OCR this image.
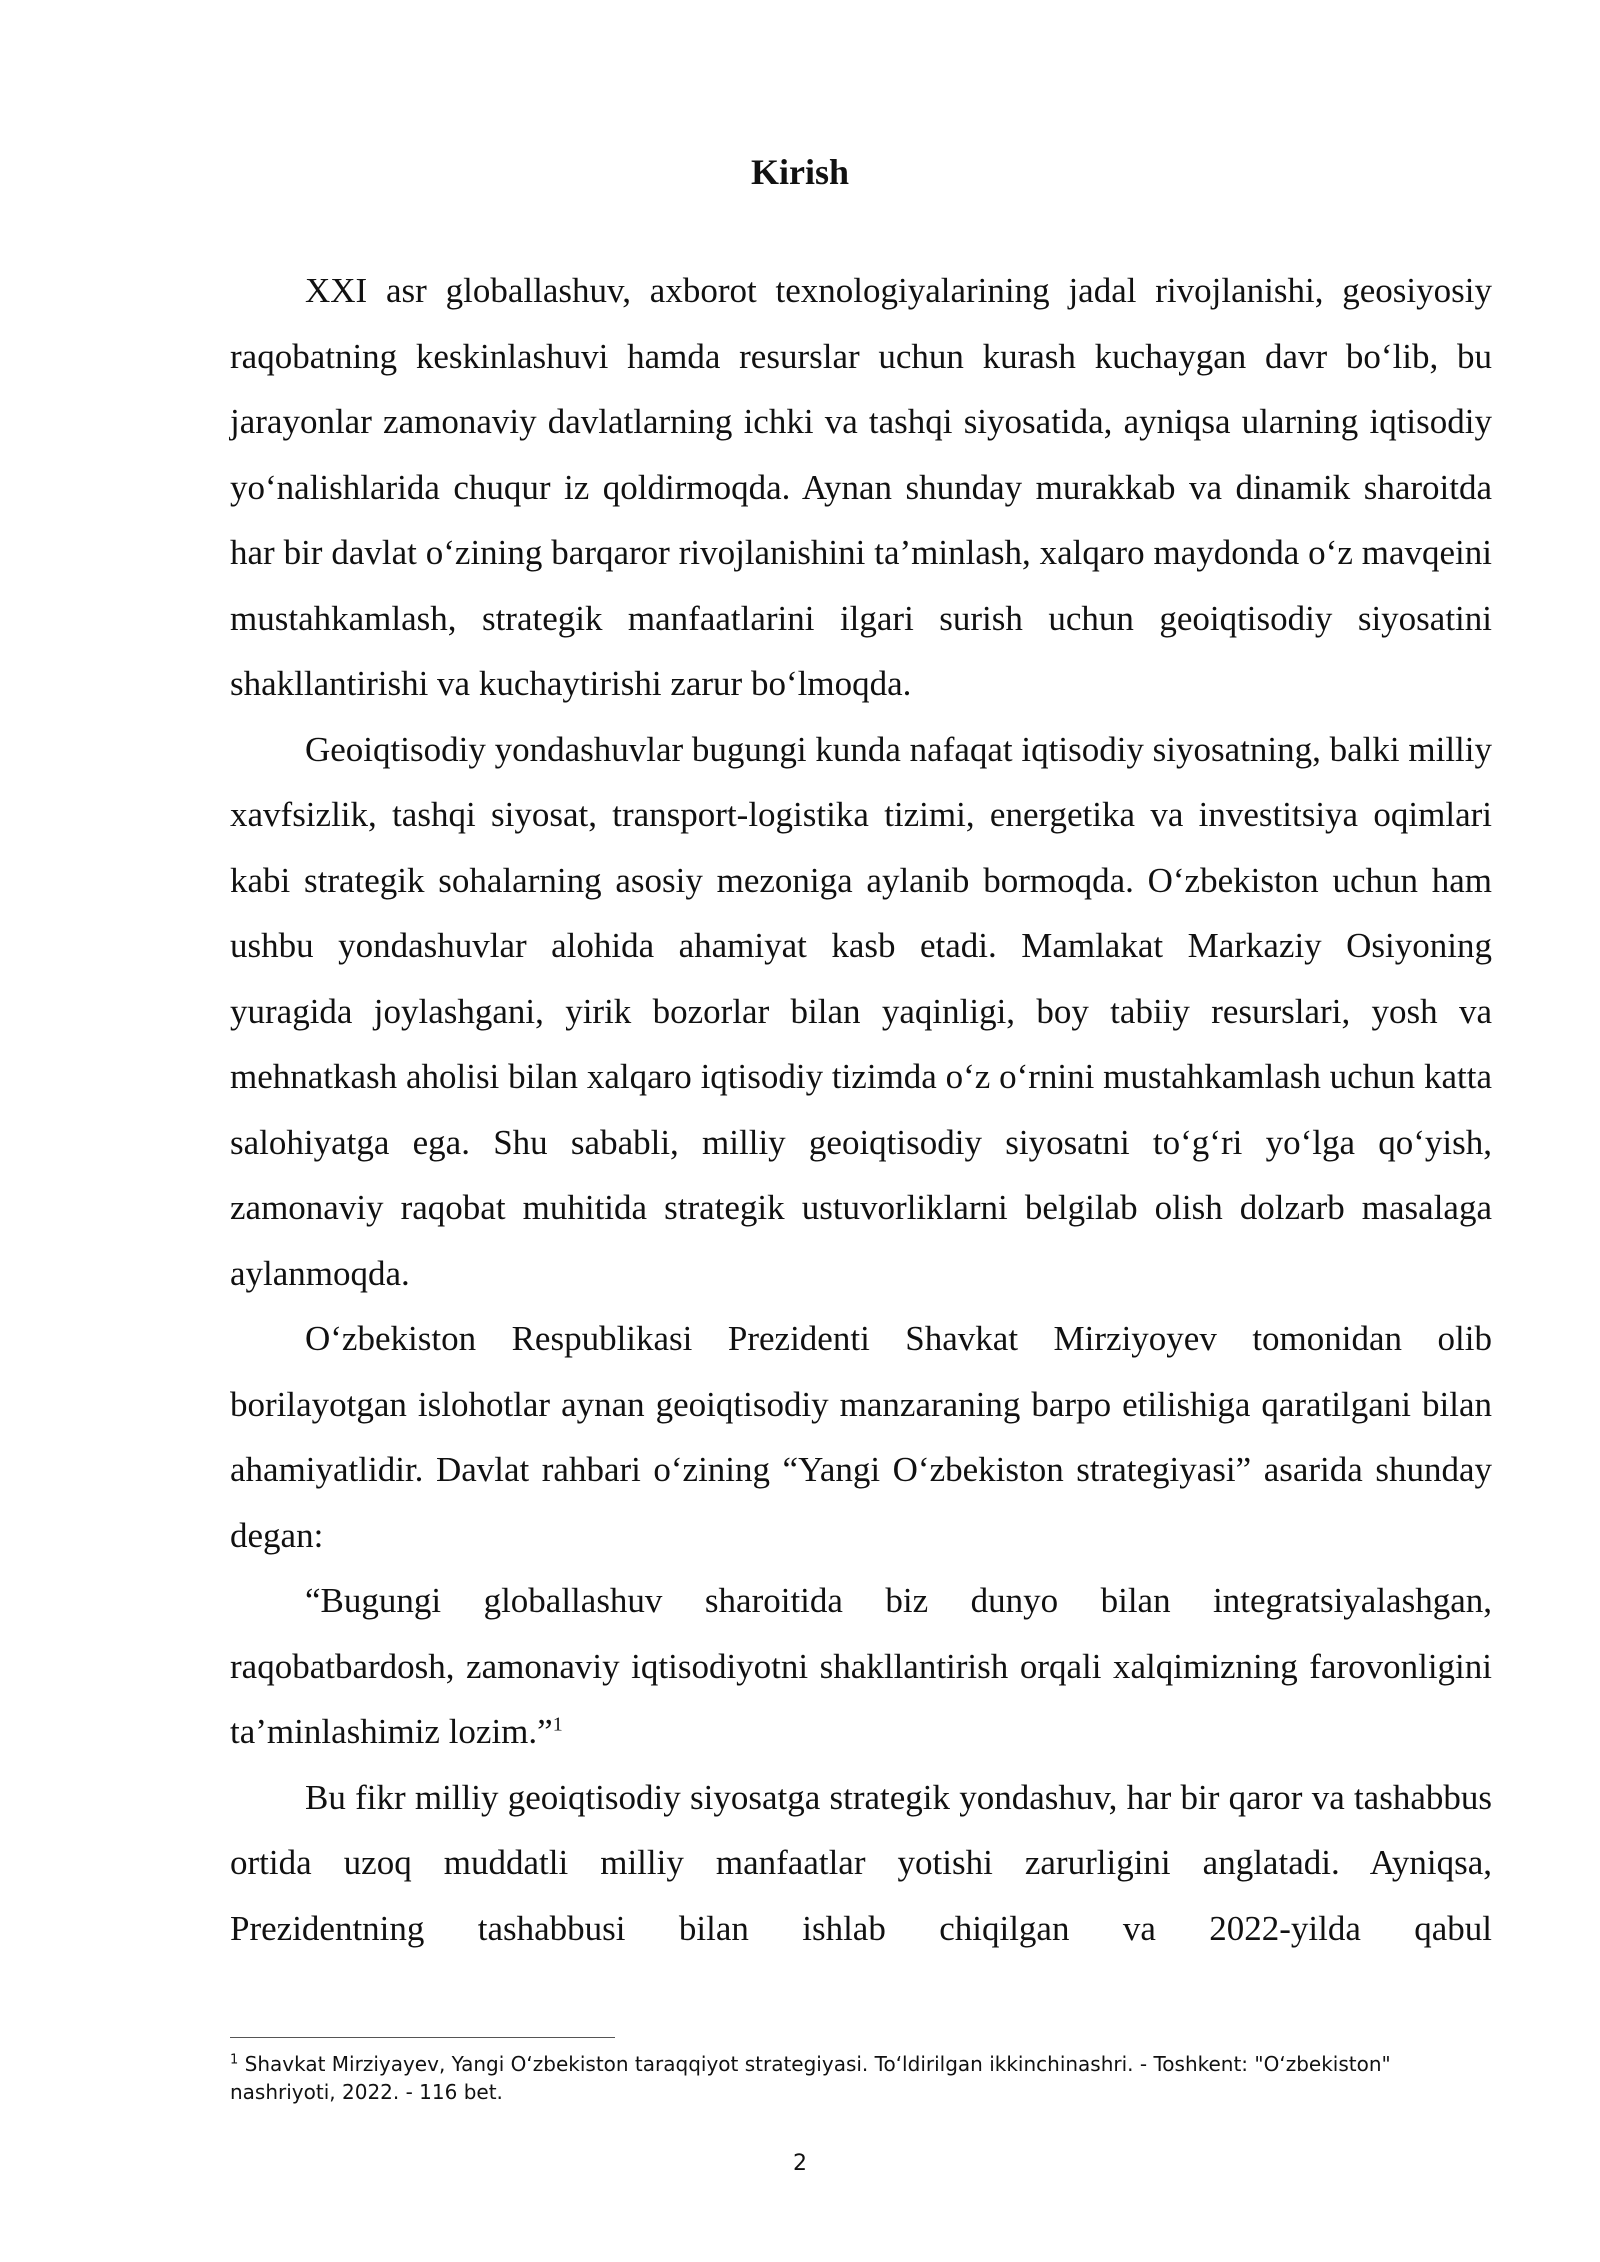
Kirish

XXI asr globallashuv, axborot texnologiyalarining jadal rivojlanishi, geosiyosiy raqobatning keskinlashuvi hamda resurslar uchun kurash kuchaygan davr bo‘lib, bu jarayonlar zamonaviy davlatlarning ichki va tashqi siyosatida, ayniqsa ularning iqtisodiy yo‘nalishlarida chuqur iz qoldirmoqda. Aynan shunday murakkab va dinamik sharoitda har bir davlat o‘zining barqaror rivojlanishini ta’minlash, xalqaro maydonda o‘z mavqeini mustahkamlash, strategik manfaatlarini ilgari surish uchun geoiqtisodiy siyosatini shakllantirishi va kuchaytirishi zarur bo‘lmoqda.

Geoiqtisodiy yondashuvlar bugungi kunda nafaqat iqtisodiy siyosatning, balki milliy xavfsizlik, tashqi siyosat, transport-logistika tizimi, energetika va investitsiya oqimlari kabi strategik sohalarning asosiy mezoniga aylanib bormoqda. O‘zbekiston uchun ham ushbu yondashuvlar alohida ahamiyat kasb etadi. Mamlakat Markaziy Osiyoning yuragida joylashgani, yirik bozorlar bilan yaqinligi, boy tabiiy resurslari, yosh va mehnatkash aholisi bilan xalqaro iqtisodiy tizimda o‘z o‘rnini mustahkamlash uchun katta salohiyatga ega. Shu sababli, milliy geoiqtisodiy siyosatni to‘g‘ri yo‘lga qo‘yish, zamonaviy raqobat muhitida strategik ustuvorliklarni belgilab olish dolzarb masalaga aylanmoqda.

O‘zbekiston Respublikasi Prezidenti Shavkat Mirziyoyev tomonidan olib borilayotgan islohotlar aynan geoiqtisodiy manzaraning barpo etilishiga qaratilgani bilan ahamiyatlidir. Davlat rahbari o‘zining “Yangi O‘zbekiston strategiyasi” asarida shunday degan:

“Bugungi globallashuv sharoitida biz dunyo bilan integratsiyalashgan, raqobatbardosh, zamonaviy iqtisodiyotni shakllantirish orqali xalqimizning farovonligini ta’minlashimiz lozim.”$^1$

Bu fikr milliy geoiqtisodiy siyosatga strategik yondashuv, har bir qaror va tashabbus ortida uzoq muddatli milliy manfaatlar yotishi zarurligini anglatadi. Ayniqsa, Prezidentning tashabbusi bilan ishlab chiqilgan va 2022-yilda qabul

$^1$ Shavkat Mirziyayev, Yangi O‘zbekiston taraqqiyot strategiyasi. To‘ldirilgan ikkinchinashri. - Toshkent: "O‘zbekiston" nashriyoti, 2022. - 116 bet.
2
